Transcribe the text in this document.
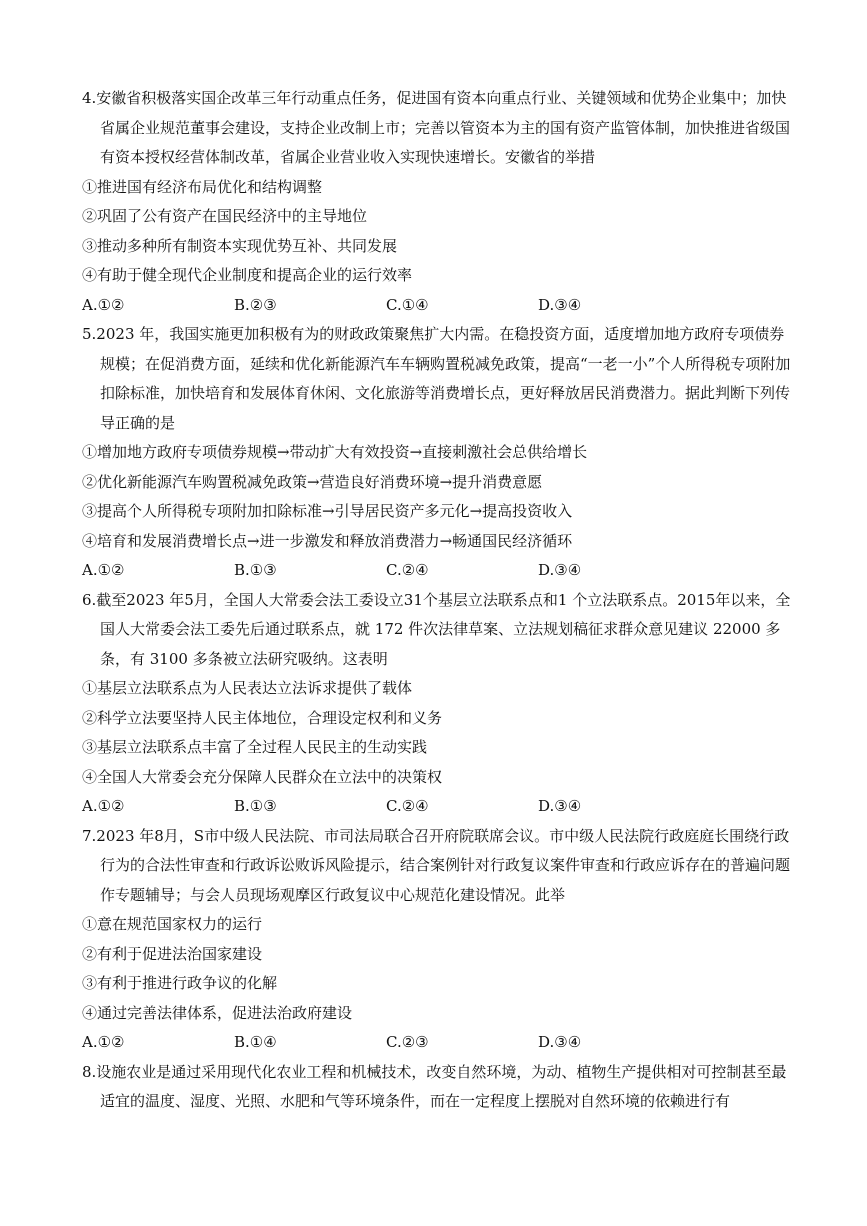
4.安徽省积极落实国企改革三年行动重点任务，促进国有资本向重点行业、关键领域和优势企业集中；加快省属企业规范董事会建设，支持企业改制上市；完善以管资本为主的国有资产监管体制，加快推进省级国有资本授权经营体制改革，省属企业营业收入实现快速增长。安徽省的举措
①推进国有经济布局优化和结构调整
②巩固了公有资产在国民经济中的主导地位
③推动多种所有制资本实现优势互补、共同发展
④有助于健全现代企业制度和提高企业的运行效率
A.①②	B.②③	C.①④	D.③④
5.2023 年，我国实施更加积极有为的财政政策聚焦扩大内需。在稳投资方面，适度增加地方政府专项债券规模；在促消费方面，延续和优化新能源汽车车辆购置税减免政策，提高“一老一小”个人所得税专项附加扣除标准，加快培育和发展体育休闲、文化旅游等消费增长点，更好释放居民消费潜力。据此判断下列传导正确的是
①增加地方政府专项债券规模→带动扩大有效投资→直接刺激社会总供给增长
②优化新能源汽车购置税减免政策→营造良好消费环境→提升消费意愿
③提高个人所得税专项附加扣除标准→引导居民资产多元化→提高投资收入
④培育和发展消费增长点→进一步激发和释放消费潜力→畅通国民经济循环
A.①②	B.①③	C.②④	D.③④
6.截至2023 年5月，全国人大常委会法工委设立31个基层立法联系点和1 个立法联系点。2015年以来，全国人大常委会法工委先后通过联系点，就 172 件次法律草案、立法规划稿征求群众意见建议 22000 多条，有 3100 多条被立法研究吸纳。这表明
①基层立法联系点为人民表达立法诉求提供了载体
②科学立法要坚持人民主体地位，合理设定权利和义务
③基层立法联系点丰富了全过程人民民主的生动实践
④全国人大常委会充分保障人民群众在立法中的决策权
A.①②	B.①③	C.②④	D.③④
7.2023 年8月，S市中级人民法院、市司法局联合召开府院联席会议。市中级人民法院行政庭庭长围绕行政行为的合法性审查和行政诉讼败诉风险提示，结合案例针对行政复议案件审查和行政应诉存在的普遍问题作专题辅导；与会人员现场观摩区行政复议中心规范化建设情况。此举
①意在规范国家权力的运行
②有利于促进法治国家建设
③有利于推进行政争议的化解
④通过完善法律体系，促进法治政府建设
A.①②	B.①④	C.②③	D.③④
8.设施农业是通过采用现代化农业工程和机械技术，改变自然环境，为动、植物生产提供相对可控制甚至最适宜的温度、湿度、光照、水肥和气等环境条件，而在一定程度上摆脱对自然环境的依赖进行有
